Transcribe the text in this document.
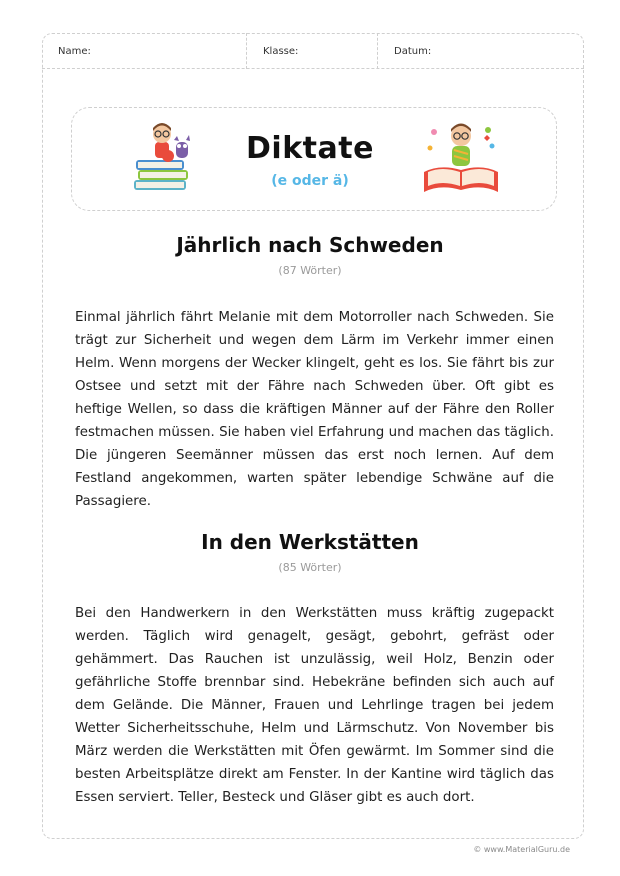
Name:	Klasse:	Datum:
Diktate
(e oder ä)
Jährlich nach Schweden
(87 Wörter)
Einmal jährlich fährt Melanie mit dem Motorroller nach Schweden. Sie trägt zur Sicherheit und wegen dem Lärm im Verkehr immer einen Helm. Wenn morgens der Wecker klingelt, geht es los. Sie fährt bis zur Ostsee und setzt mit der Fähre nach Schweden über. Oft gibt es heftige Wellen, so dass die kräftigen Männer auf der Fähre den Roller festmachen müssen. Sie haben viel Erfahrung und machen das täglich. Die jüngeren Seemänner müssen das erst noch lernen. Auf dem Festland angekommen, warten später lebendige Schwäne auf die Passagiere.
In den Werkstätten
(85 Wörter)
Bei den Handwerkern in den Werkstätten muss kräftig zugepackt werden. Täglich wird genagelt, gesägt, gebohrt, gefräst oder gehämmert. Das Rauchen ist unzulässig, weil Holz, Benzin oder gefährliche Stoffe brennbar sind. Hebekräne befinden sich auch auf dem Gelände. Die Männer, Frauen und Lehrlinge tragen bei jedem Wetter Sicherheitsschuhe, Helm und Lärmschutz. Von November bis März werden die Werkstätten mit Öfen gewärmt. Im Sommer sind die besten Arbeitsplätze direkt am Fenster. In der Kantine wird täglich das Essen serviert. Teller, Besteck und Gläser gibt es auch dort.
© www.MaterialGuru.de
